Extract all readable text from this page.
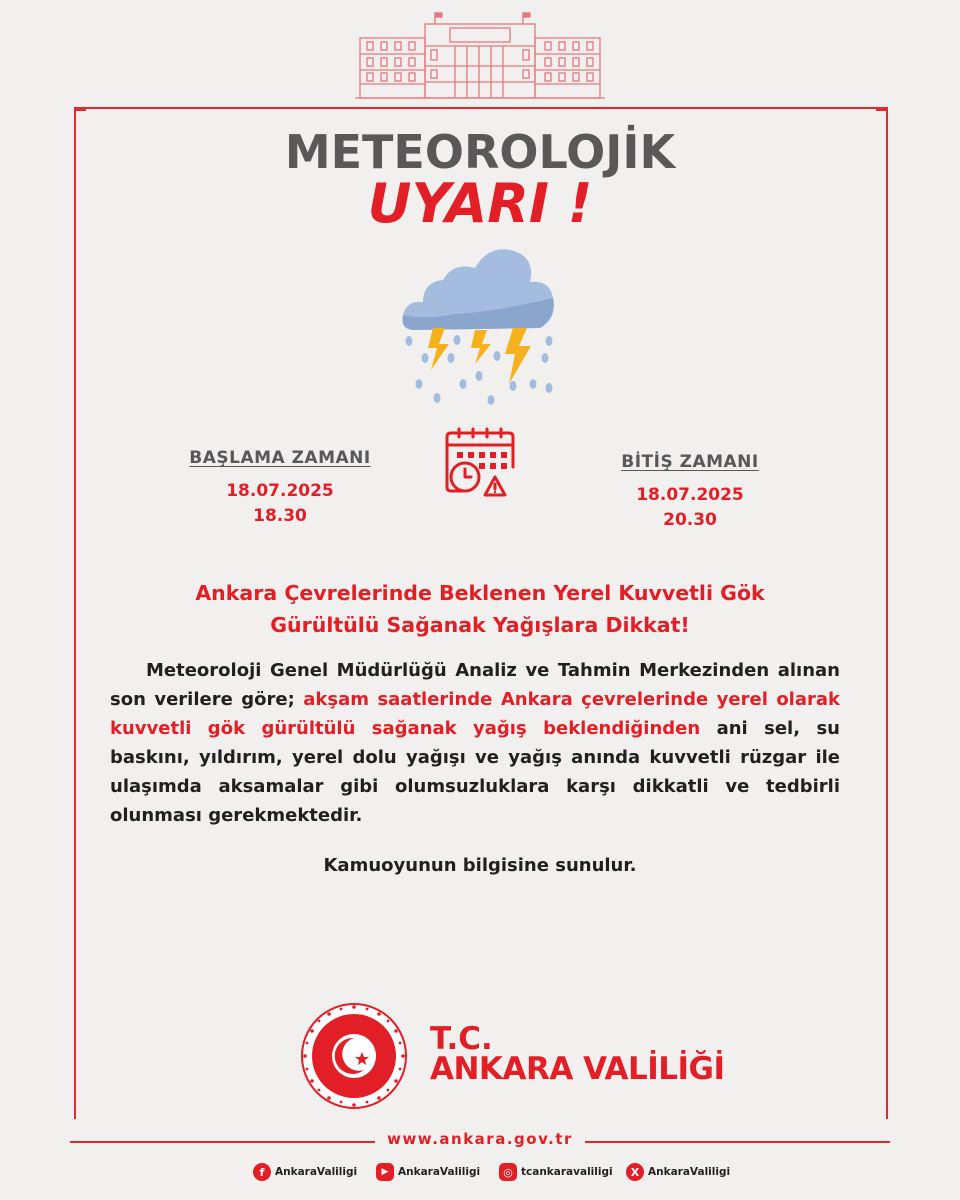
METEOROLOJİK
UYARI !
BAŞLAMA ZAMANI
18.07.2025
18.30
BİTİŞ ZAMANI
18.07.2025
20.30
Ankara Çevrelerinde Beklenen Yerel Kuvvetli Gök
Gürültülü Sağanak Yağışlara Dikkat!
Meteoroloji Genel Müdürlüğü Analiz ve Tahmin Merkezinden alınan son verilere göre; akşam saatlerinde Ankara çevrelerinde yerel olarak kuvvetli gök gürültülü sağanak yağış beklendiğinden ani sel, su baskını, yıldırım, yerel dolu yağışı ve yağış anında kuvvetli rüzgar ile ulaşımda aksamalar gibi olumsuzluklara karşı dikkatli ve tedbirli olunması gerekmektedir.
Kamuoyunun bilgisine sunulur.
T.C.
ANKARA VALİLİĞİ
www.ankara.gov.tr
f	AnkaraValiligi	▶ AnkaraValiligi	◎ tcankaravaliligi	X AnkaraValiligi
